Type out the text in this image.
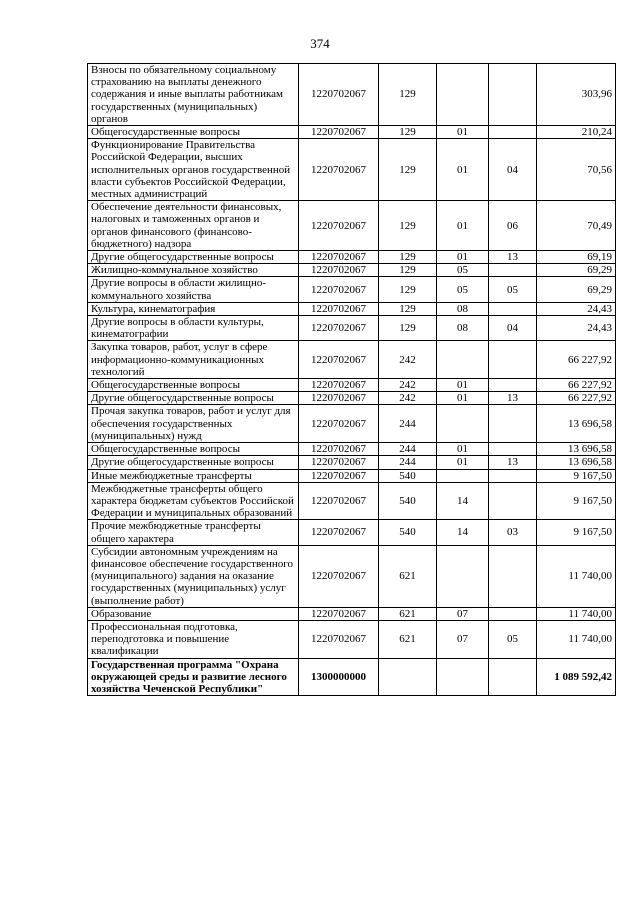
374
Взносы по обязательному социальному страхованию на выплаты денежного содержания и иные выплаты работникам государственных (муниципальных) органов	1220702067	129			303,96
Общегосударственные вопросы	1220702067	129	01		210,24
Функционирование Правительства Российской Федерации, высших исполнительных органов государственной власти субъектов Российской Федерации, местных администраций	1220702067	129	01	04	70,56
Обеспечение деятельности финансовых, налоговых и таможенных органов и органов финансового (финансово-бюджетного) надзора	1220702067	129	01	06	70,49
Другие общегосударственные вопросы	1220702067	129	01	13	69,19
Жилищно-коммунальное хозяйство	1220702067	129	05		69,29
Другие вопросы в области жилищно-коммунального хозяйства	1220702067	129	05	05	69,29
Культура, кинематография	1220702067	129	08		24,43
Другие вопросы в области культуры, кинематографии	1220702067	129	08	04	24,43
Закупка товаров, работ, услуг в сфере информационно-коммуникационных технологий	1220702067	242			66 227,92
Общегосударственные вопросы	1220702067	242	01		66 227,92
Другие общегосударственные вопросы	1220702067	242	01	13	66 227,92
Прочая закупка товаров, работ и услуг для обеспечения государственных (муниципальных) нужд	1220702067	244			13 696,58
Общегосударственные вопросы	1220702067	244	01		13 696,58
Другие общегосударственные вопросы	1220702067	244	01	13	13 696,58
Иные межбюджетные трансферты	1220702067	540			9 167,50
Межбюджетные трансферты общего характера бюджетам субъектов Российской Федерации и муниципальных образований	1220702067	540	14		9 167,50
Прочие межбюджетные трансферты общего характера	1220702067	540	14	03	9 167,50
Субсидии автономным учреждениям на финансовое обеспечение государственного (муниципального) задания на оказание государственных (муниципальных) услуг (выполнение работ)	1220702067	621			11 740,00
Образование	1220702067	621	07		11 740,00
Профессиональная подготовка, переподготовка и повышение квалификации	1220702067	621	07	05	11 740,00
Государственная программа "Охрана окружающей среды и развитие лесного хозяйства Чеченской Республики"	1300000000				1 089 592,42
